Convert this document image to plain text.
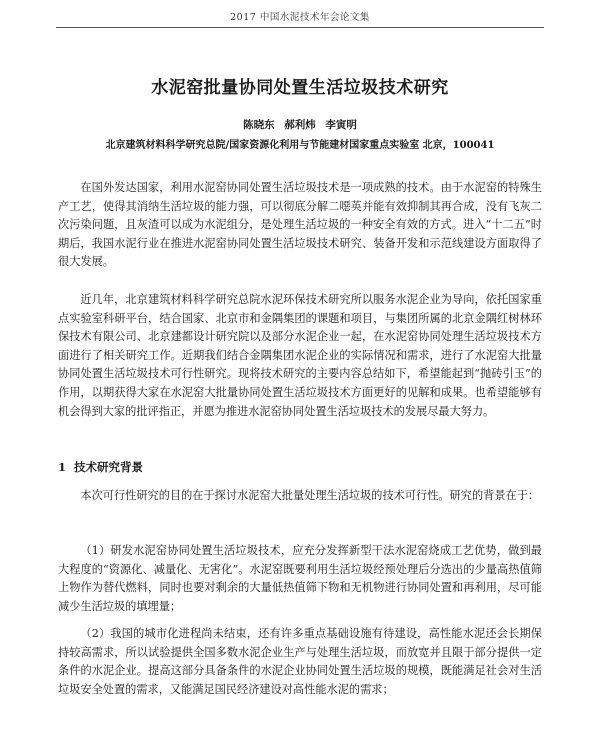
2017 中国水泥技术年会论文集
水泥窑批量协同处置生活垃圾技术研究
陈晓东 郝利炜 李寅明
北京建筑材料科学研究总院/国家资源化利用与节能建材国家重点实验室 北京，100041

在国外发达国家，利用水泥窑协同处置生活垃圾技术是一项成熟的技术。由于水泥窑的特殊生产工艺，使得其消纳生活垃圾的能力强，可以彻底分解二噁英并能有效抑制其再合成，没有飞灰二次污染问题，且灰渣可以成为水泥组分，是处理生活垃圾的一种安全有效的方式。进入“十二五”时期后，我国水泥行业在推进水泥窑协同处置生活垃圾技术研究、装备开发和示范线建设方面取得了很大发展。

近几年，北京建筑材料科学研究总院水泥环保技术研究所以服务水泥企业为导向，依托国家重点实验室科研平台，结合国家、北京市和金隅集团的课题和项目，与集团所属的北京金隅红树林环保技术有限公司、北京建都设计研究院以及部分水泥企业一起，在水泥窑协同处理生活垃圾技术方面进行了相关研究工作。近期我们结合金隅集团水泥企业的实际情况和需求，进行了水泥窑大批量协同处置生活垃圾技术可行性研究。现将技术研究的主要内容总结如下，希望能起到“抛砖引玉”的作用，以期获得大家在水泥窑大批量协同处置生活垃圾技术方面更好的见解和成果。也希望能够有机会得到大家的批评指正，并愿为推进水泥窑协同处置生活垃圾技术的发展尽最大努力。

1 技术研究背景

本次可行性研究的目的在于探讨水泥窑大批量处理生活垃圾的技术可行性。研究的背景在于：

（1）研发水泥窑协同处置生活垃圾技术，应充分发挥新型干法水泥窑烧成工艺优势，做到最大程度的“资源化、减量化、无害化”。水泥窑既要利用生活垃圾经预处理后分选出的少量高热值筛上物作为替代燃料，同时也要对剩余的大量低热值筛下物和无机物进行协同处置和再利用，尽可能减少生活垃圾的填埋量；

（2）我国的城市化进程尚未结束，还有许多重点基础设施有待建设，高性能水泥还会长期保持较高需求，所以试验提供全国多数水泥企业生产与处理生活垃圾，而放宽并且限于部分提供一定条件的水泥企业。提高这部分具备条件的水泥企业协同处置生活垃圾的规模，既能满足社会对生活垃圾安全处置的需求，又能满足国民经济建设对高性能水泥的需求；
